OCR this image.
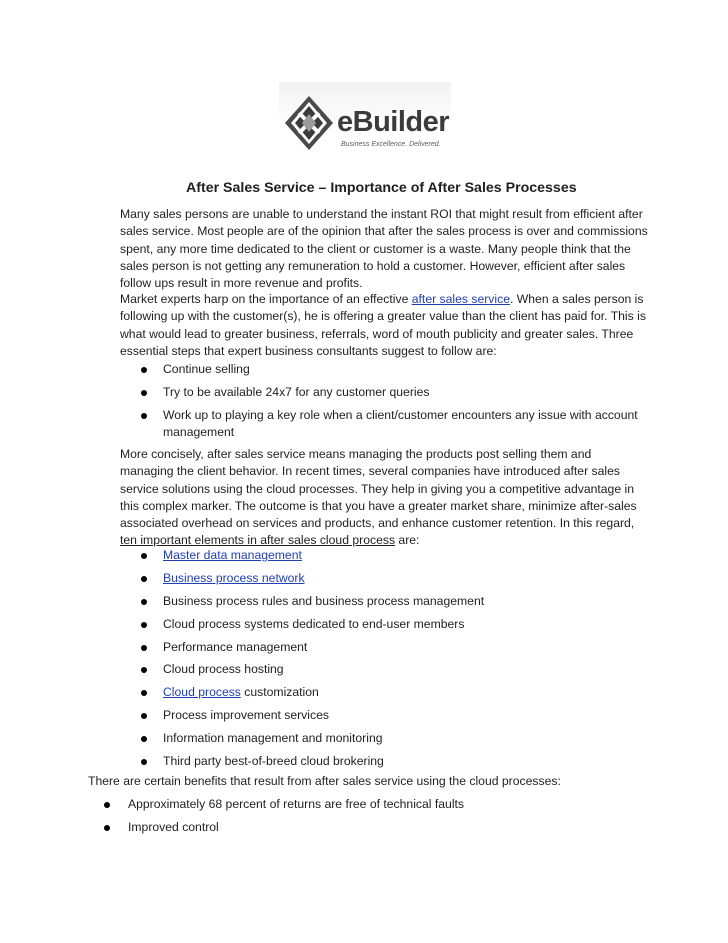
eBuilder
Business Excellence. Delivered.
After Sales Service – Importance of After Sales Processes
Many sales persons are unable to understand the instant ROI that might result from efficient after sales service. Most people are of the opinion that after the sales process is over and commissions spent, any more time dedicated to the client or customer is a waste. Many people think that the sales person is not getting any remuneration to hold a customer. However, efficient after sales follow ups result in more revenue and profits.
Market experts harp on the importance of an effective after sales service. When a sales person is following up with the customer(s), he is offering a greater value than the client has paid for. This is what would lead to greater business, referrals, word of mouth publicity and greater sales. Three essential steps that expert business consultants suggest to follow are:
Continue selling
Try to be available 24x7 for any customer queries
Work up to playing a key role when a client/customer encounters any issue with account
management
More concisely, after sales service means managing the products post selling them and managing the client behavior. In recent times, several companies have introduced after sales service solutions using the cloud processes. They help in giving you a competitive advantage in this complex marker. The outcome is that you have a greater market share, minimize after-sales associated overhead on services and products, and enhance customer retention. In this regard, ten important elements in after sales cloud process are:
Master data management
Business process network
Business process rules and business process management
Cloud process systems dedicated to end-user members
Performance management
Cloud process hosting
Cloud process customization
Process improvement services
Information management and monitoring
Third party best-of-breed cloud brokering
There are certain benefits that result from after sales service using the cloud processes:
Approximately 68 percent of returns are free of technical faults
Improved control
